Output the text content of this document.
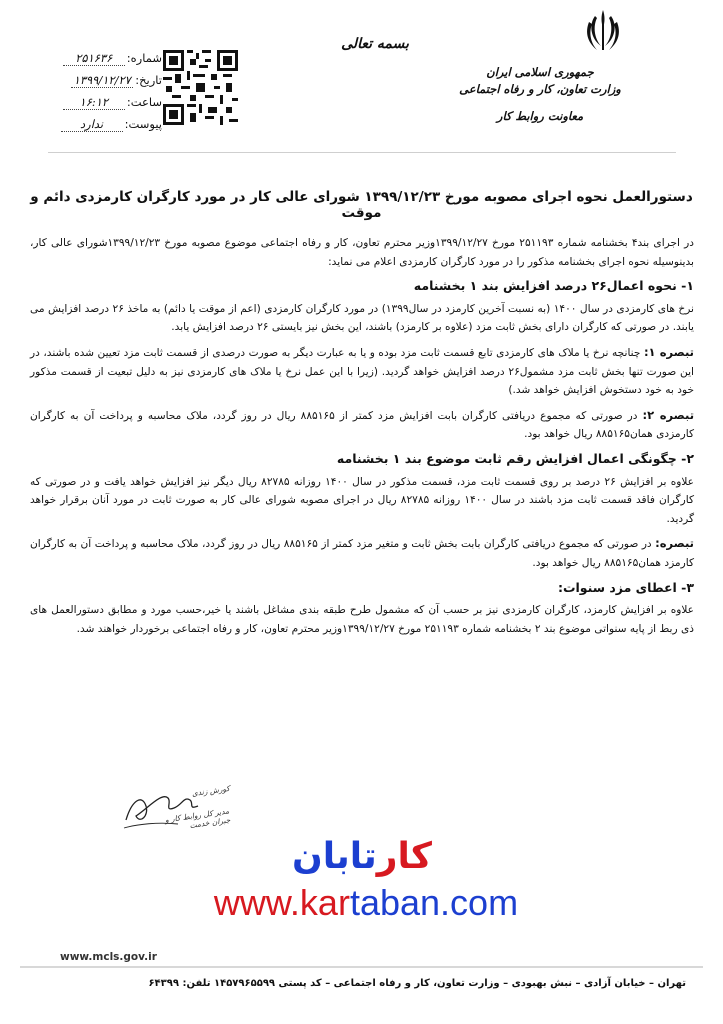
جمهوری اسلامی ایران
وزارت تعاون، کار و رفاه اجتماعی
معاونت روابط کار
بسمه تعالی
شماره:
۲۵۱۶۳۶
تاریخ:
۱۳۹۹/۱۲/۲۷
ساعت:
۱۶:۱۲
پیوست:
ندارد
دستورالعمل نحوه اجرای مصوبه مورخ ۱۳۹۹/۱۲/۲۳ شورای عالی کار در مورد کارگران کارمزدی دائم و موقت

در اجرای بند۴ بخشنامه شماره ۲۵۱۱۹۳ مورخ ۱۳۹۹/۱۲/۲۷وزیر محترم تعاون، کار و رفاه اجتماعی موضوع مصوبه مورخ ۱۳۹۹/۱۲/۲۳شورای عالی کار، بدینوسیله نحوه اجرای بخشنامه مذکور را در مورد کارگران کارمزدی اعلام می نماید:

۱- نحوه اعمال۲۶ درصد افزایش بند ۱ بخشنامه

نرخ های کارمزدی در سال ۱۴۰۰ (به نسبت آخرین کارمزد در سال۱۳۹۹) در مورد کارگران کارمزدی (اعم از موقت یا دائم) به ماخذ ۲۶ درصد افزایش می یابند. در صورتی که کارگران دارای بخش ثابت مزد (علاوه بر کارمزد) باشند، این بخش نیز بایستی ۲۶ درصد افزایش یابد.

تبصره ۱: چنانچه نرخ یا ملاک های کارمزدی تابع قسمت ثابت مزد بوده و یا به عبارت دیگر به صورت درصدی از قسمت ثابت مزد تعیین شده باشند، در این صورت تنها بخش ثابت مزد مشمول۲۶ درصد افزایش خواهد گردید. (زیرا با این عمل نرخ یا ملاک های کارمزدی نیز به دلیل تبعیت از قسمت مذکور خود به خود دستخوش افزایش خواهد شد.)

تبصره ۲: در صورتی که مجموع دریافتی کارگران بابت افزایش مزد کمتر از ۸۸۵۱۶۵ ریال در روز گردد، ملاک محاسبه و پرداخت آن به کارگران کارمزدی همان۸۸۵۱۶۵ ریال خواهد بود.

۲- چگونگی اعمال افزایش رقم ثابت موضوع بند ۱ بخشنامه

علاوه بر افزایش ۲۶ درصد بر روی قسمت ثابت مزد، قسمت مذکور در سال ۱۴۰۰ روزانه ۸۲۷۸۵ ریال دیگر نیز افزایش خواهد یافت و در صورتی که کارگران فاقد قسمت ثابت مزد باشند در سال ۱۴۰۰ روزانه ۸۲۷۸۵ ریال در اجرای مصوبه شورای عالی کار به صورت ثابت در مورد آنان برقرار خواهد گردید.

تبصره: در صورتی که مجموع دریافتی کارگران بابت بخش ثابت و متغیر مزد کمتر از ۸۸۵۱۶۵ ریال در روز گردد، ملاک محاسبه و پرداخت آن به کارگران کارمزد همان۸۸۵۱۶۵ ریال خواهد بود.

۳- اعطای مزد سنوات:

علاوه بر افزایش کارمزد، کارگران کارمزدی نیز بر حسب آن که مشمول طرح طبقه بندی مشاغل باشند یا خیر،حسب مورد و مطابق دستورالعمل های ذی ربط از پایه سنواتی موضوع بند ۲ بخشنامه شماره ۲۵۱۱۹۳ مورخ ۱۳۹۹/۱۲/۲۷وزیر محترم تعاون، کار و رفاه اجتماعی برخوردار خواهند شد.

کورش زندی
مدیر کل روابط کار و جبران خدمت
کارتابان
www.kartaban.com
www.mcls.gov.ir
تهران – خیابان آزادی – نبش بهبودی – وزارت تعاون، کار و رفاه اجتماعی – کد پستی ۱۴۵۷۹۶۵۵۹۹ تلفن: ۶۴۳۹۹
